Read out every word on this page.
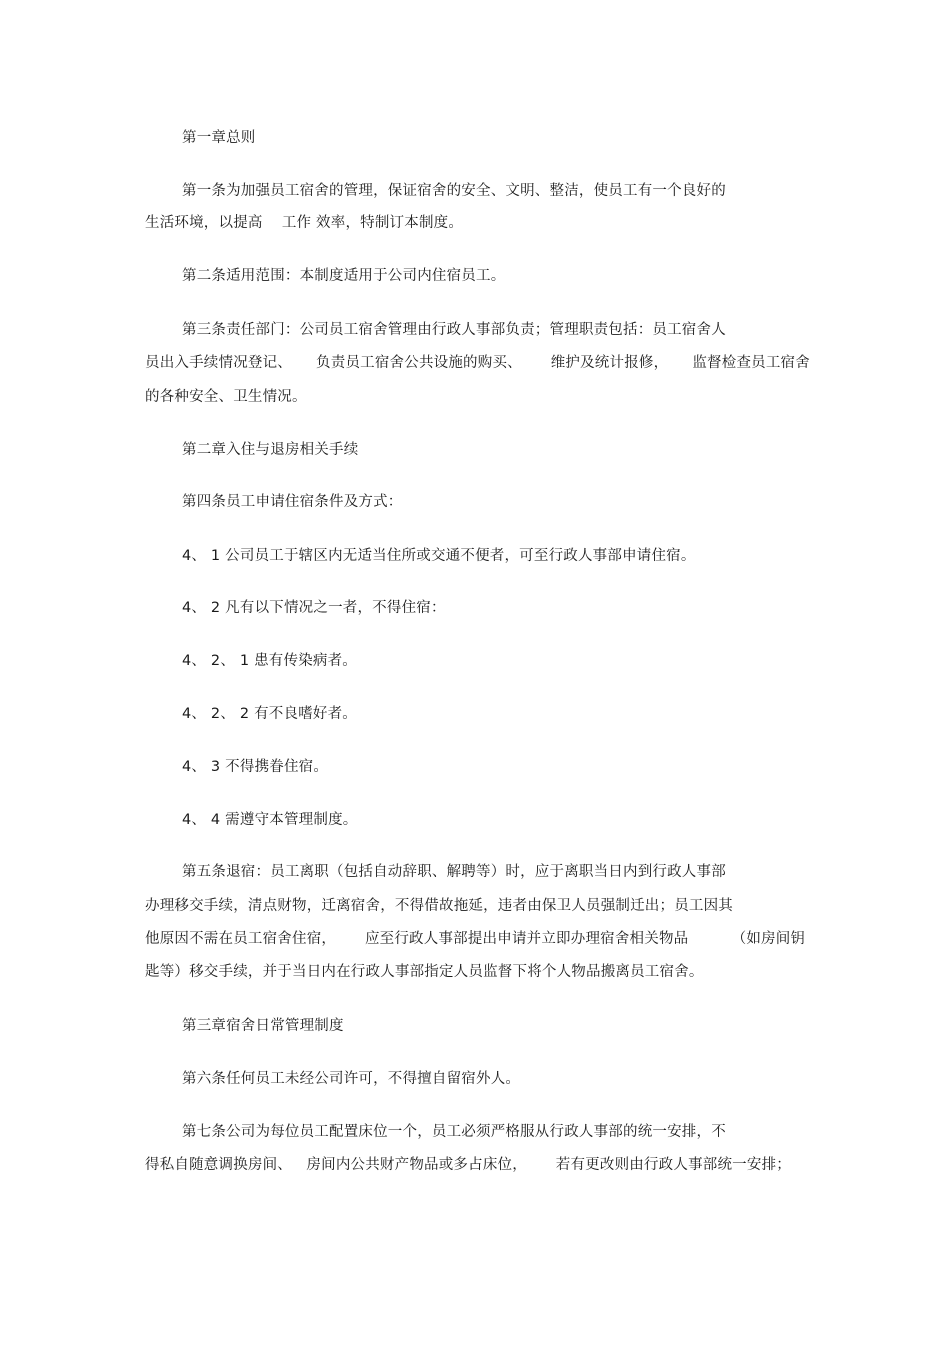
第一章总则
第一条为加强员工宿舍的管理，保证宿舍的安全、文明、整洁，使员工有一个良好的
生活环境，以提高    工作 效率，特制订本制度。
第二条适用范围：本制度适用于公司内住宿员工。
第三条责任部门：公司员工宿舍管理由行政人事部负责；管理职责包括：员工宿舍人
员出入手续情况登记、     负责员工宿舍公共设施的购买、      维护及统计报修，     监督检查员工宿舍
的各种安全、卫生情况。
第二章入住与退房相关手续
第四条员工申请住宿条件及方式：
4、 1 公司员工于辖区内无适当住所或交通不便者，可至行政人事部申请住宿。
4、 2 凡有以下情况之一者，不得住宿：
4、 2、 1 患有传染病者。
4、 2、 2 有不良嗜好者。
4、 3 不得携眷住宿。
4、 4 需遵守本管理制度。
第五条退宿：员工离职（包括自动辞职、解聘等）时，应于离职当日内到行政人事部
办理移交手续，清点财物，迁离宿舍，不得借故拖延，违者由保卫人员强制迁出；员工因其
他原因不需在员工宿舍住宿，      应至行政人事部提出申请并立即办理宿舍相关物品         （如房间钥
匙等）移交手续，并于当日内在行政人事部指定人员监督下将个人物品搬离员工宿舍。
第三章宿舍日常管理制度
第六条任何员工未经公司许可，不得擅自留宿外人。
第七条公司为每位员工配置床位一个，员工必须严格服从行政人事部的统一安排，不
得私自随意调换房间、   房间内公共财产物品或多占床位，      若有更改则由行政人事部统一安排；
